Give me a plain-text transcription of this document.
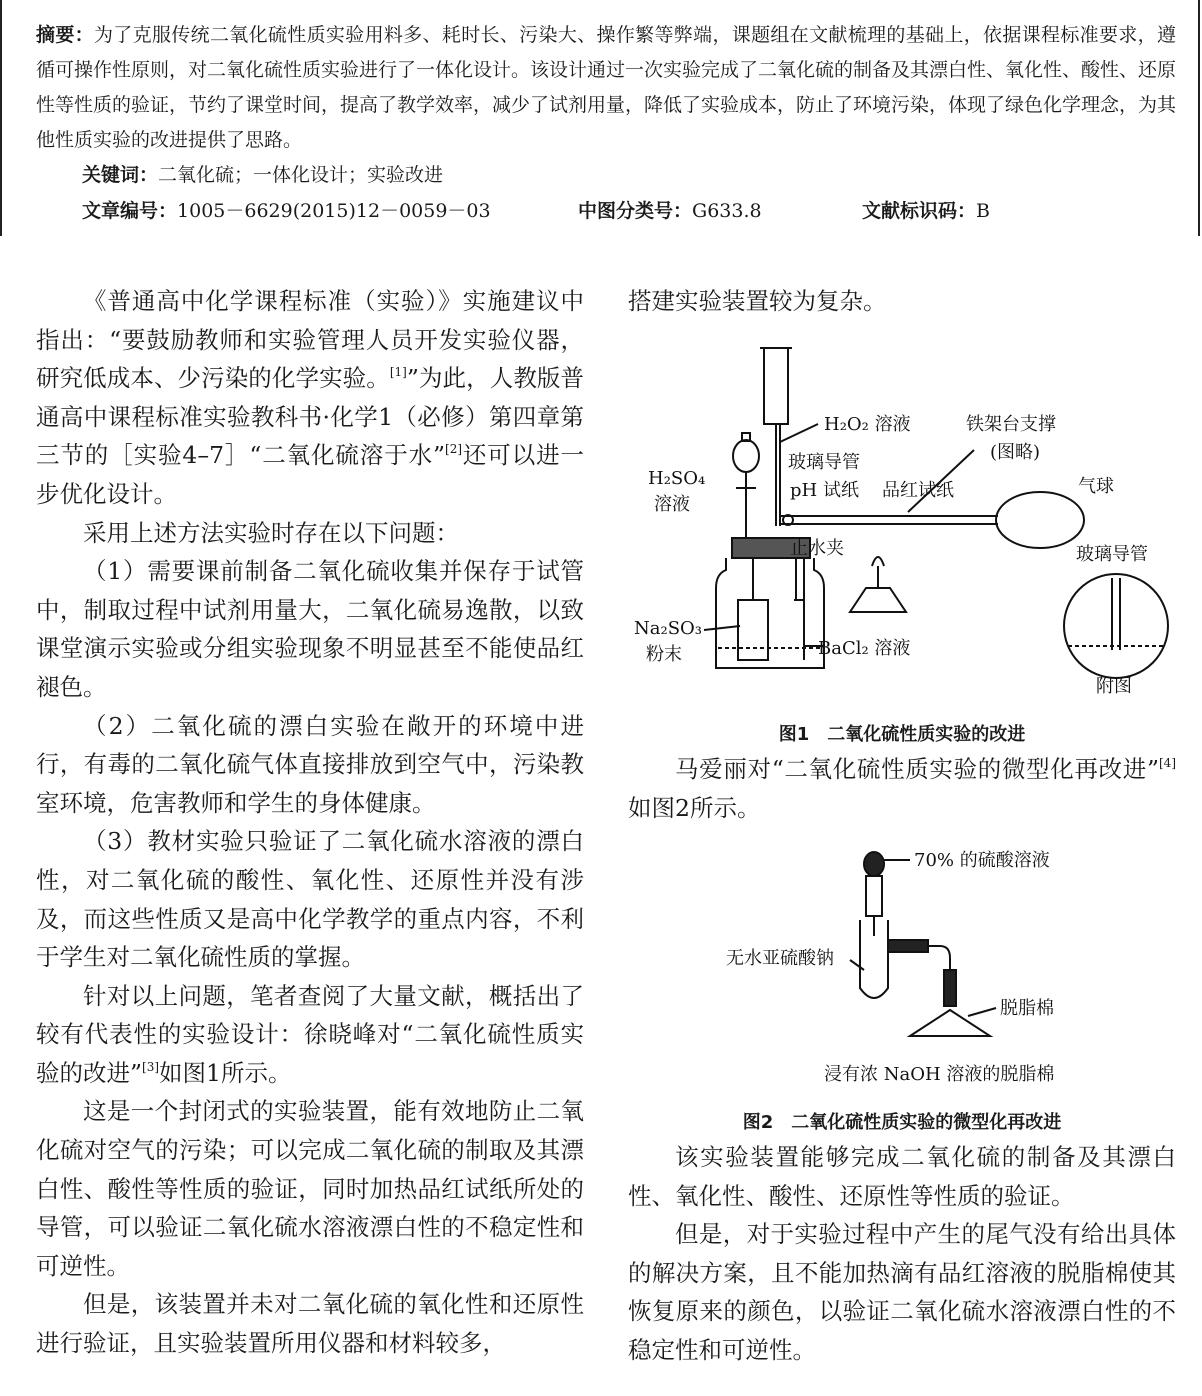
摘要：为了克服传统二氧化硫性质实验用料多、耗时长、污染大、操作繁等弊端，课题组在文献梳理的基础上，依据课程标准要求，遵循可操作性原则，对二氧化硫性质实验进行了一体化设计。该设计通过一次实验完成了二氧化硫的制备及其漂白性、氧化性、酸性、还原性等性质的验证，节约了课堂时间，提高了教学效率，减少了试剂用量，降低了实验成本，防止了环境污染，体现了绿色化学理念，为其他性质实验的改进提供了思路。
关键词：二氧化硫；一体化设计；实验改进
文章编号：1005－6629(2015)12－0059－03	中图分类号：G633.8	文献标识码：B

《普通高中化学课程标准（实验）》实施建议中指出：“要鼓励教师和实验管理人员开发实验仪器，研究低成本、少污染的化学实验。[1]”为此，人教版普通高中课程标准实验教科书·化学1（必修）第四章第三节的［实验4–7］“二氧化硫溶于水”[2]还可以进一步优化设计。

采用上述方法实验时存在以下问题：

（1）需要课前制备二氧化硫收集并保存于试管中，制取过程中试剂用量大，二氧化硫易逸散，以致课堂演示实验或分组实验现象不明显甚至不能使品红褪色。

（2）二氧化硫的漂白实验在敞开的环境中进行，有毒的二氧化硫气体直接排放到空气中，污染教室环境，危害教师和学生的身体健康。

（3）教材实验只验证了二氧化硫水溶液的漂白性，对二氧化硫的酸性、氧化性、还原性并没有涉及，而这些性质又是高中化学教学的重点内容，不利于学生对二氧化硫性质的掌握。

针对以上问题，笔者查阅了大量文献，概括出了较有代表性的实验设计：徐晓峰对“二氧化硫性质实验的改进”[3]如图1所示。

这是一个封闭式的实验装置，能有效地防止二氧化硫对空气的污染；可以完成二氧化硫的制取及其漂白性、酸性等性质的验证，同时加热品红试纸所处的导管，可以验证二氧化硫水溶液漂白性的不稳定性和可逆性。

但是，该装置并未对二氧化硫的氧化性和还原性进行验证，且实验装置所用仪器和材料较多，

搭建实验装置较为复杂。

H₂O₂ 溶液	铁架台支撑
(图略)
玻璃导管
H₂SO₄
溶液
pH 试纸 品红试纸	气球
止水夹	玻璃导管
Na₂SO₃
粉末	BaCl₂ 溶液
附图
图1　二氧化硫性质实验的改进

马爱丽对“二氧化硫性质实验的微型化再改进”[4]如图2所示。

70% 的硫酸溶液
无水亚硫酸钠
脱脂棉
浸有浓 NaOH 溶液的脱脂棉
图2　二氧化硫性质实验的微型化再改进

该实验装置能够完成二氧化硫的制备及其漂白性、氧化性、酸性、还原性等性质的验证。

但是，对于实验过程中产生的尾气没有给出具体的解决方案，且不能加热滴有品红溶液的脱脂棉使其恢复原来的颜色，以验证二氧化硫水溶液漂白性的不稳定性和可逆性。
